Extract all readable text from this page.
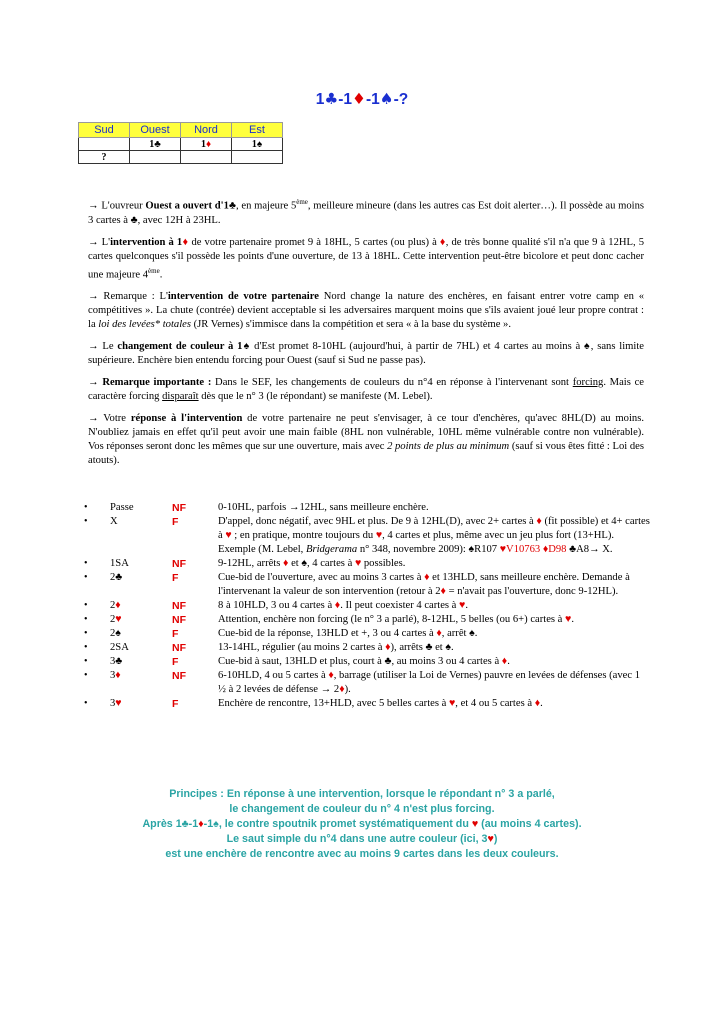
1♣-1♦-1♠-?
Sud	Ouest	Nord	Est
	1♣	1♦	1♠
?			

→ L'ouvreur Ouest a ouvert d'1♣, en majeure 5ème, meilleure mineure (dans les autres cas Est doit alerter…). Il possède au moins 3 cartes à ♣, avec 12H à 23HL.

→ L'intervention à 1♦ de votre partenaire promet 9 à 18HL, 5 cartes (ou plus) à ♦, de très bonne qualité s'il n'a que 9 à 12HL, 5 cartes quelconques s'il possède les points d'une ouverture, de 13 à 18HL. Cette intervention peut-être bicolore et peut donc cacher une majeure 4ème.

→ Remarque : L'intervention de votre partenaire Nord change la nature des enchères, en faisant entrer votre camp en « compétitives ». La chute (contrée) devient acceptable si les adversaires marquent moins que s'ils avaient joué leur propre contrat : la loi des levées* totales (JR Vernes) s'immisce dans la compétition et sera « à la base du système ».

→ Le changement de couleur à 1♠ d'Est promet 8-10HL (aujourd'hui, à partir de 7HL) et 4 cartes au moins à ♠, sans limite supérieure. Enchère bien entendu forcing pour Ouest (sauf si Sud ne passe pas).

→ Remarque importante : Dans le SEF, les changements de couleurs du n°4 en réponse à l'intervenant sont forcing. Mais ce caractère forcing disparaît dès que le n° 3 (le répondant) se manifeste (M. Lebel).

→ Votre réponse à l'intervention de votre partenaire ne peut s'envisager, à ce tour d'enchères, qu'avec 8HL(D) au moins. N'oubliez jamais en effet qu'il peut avoir une main faible (8HL non vulnérable, 10HL même vulnérable contre non vulnérable). Vos réponses seront donc les mêmes que sur une ouverture, mais avec 2 points de plus au minimum (sauf si vous êtes fitté : Loi des atouts).

•	Passe	NF	0-10HL, parfois →12HL, sans meilleure enchère.
•	X	F	D'appel, donc négatif, avec 9HL et plus. De 9 à 12HL(D), avec 2+ cartes à ♦ (fit possible) et 4+ cartes à ♥ ; en pratique, montre toujours du ♥, 4 cartes et plus, même avec un jeu plus fort (13+HL). Exemple (M. Lebel, Bridgerama n° 348, novembre 2009): ♠R107 ♥V10763 ♦D98 ♣A8→ X.
•	1SA	NF	9-12HL, arrêts ♦ et ♠, 4 cartes à ♥ possibles.
•	2♣	F	Cue-bid de l'ouverture, avec au moins 3 cartes à ♦ et 13HLD, sans meilleure enchère. Demande à l'intervenant la valeur de son intervention (retour à 2♦ = n'avait pas l'ouverture, donc 9-12HL).
•	2♦	NF	8 à 10HLD, 3 ou 4 cartes à ♦. Il peut coexister 4 cartes à ♥.
•	2♥	NF	Attention, enchère non forcing (le n° 3 a parlé), 8-12HL, 5 belles (ou 6+) cartes à ♥.
•	2♠	F	Cue-bid de la réponse, 13HLD et +, 3 ou 4 cartes à ♦, arrêt ♠.
•	2SA	NF	13-14HL, régulier (au moins 2 cartes à ♦), arrêts ♣ et ♠.
•	3♣	F	Cue-bid à saut, 13HLD et plus, court à ♣, au moins 3 ou 4 cartes à ♦.
•	3♦	NF	6-10HLD, 4 ou 5 cartes à ♦, barrage (utiliser la Loi de Vernes) pauvre en levées de défenses (avec 1 ½ à 2 levées de défense → 2♦).
•	3♥	F	Enchère de rencontre, 13+HLD, avec 5 belles cartes à ♥, et 4 ou 5 cartes à ♦.
Principes : En réponse à une intervention, lorsque le répondant n° 3 a parlé,
le changement de couleur du n° 4 n'est plus forcing.
Après 1♣-1♦-1♠, le contre spoutnik promet systématiquement du ♥ (au moins 4 cartes).
Le saut simple du n°4 dans une autre couleur (ici, 3♥)
est une enchère de rencontre avec au moins 9 cartes dans les deux couleurs.
